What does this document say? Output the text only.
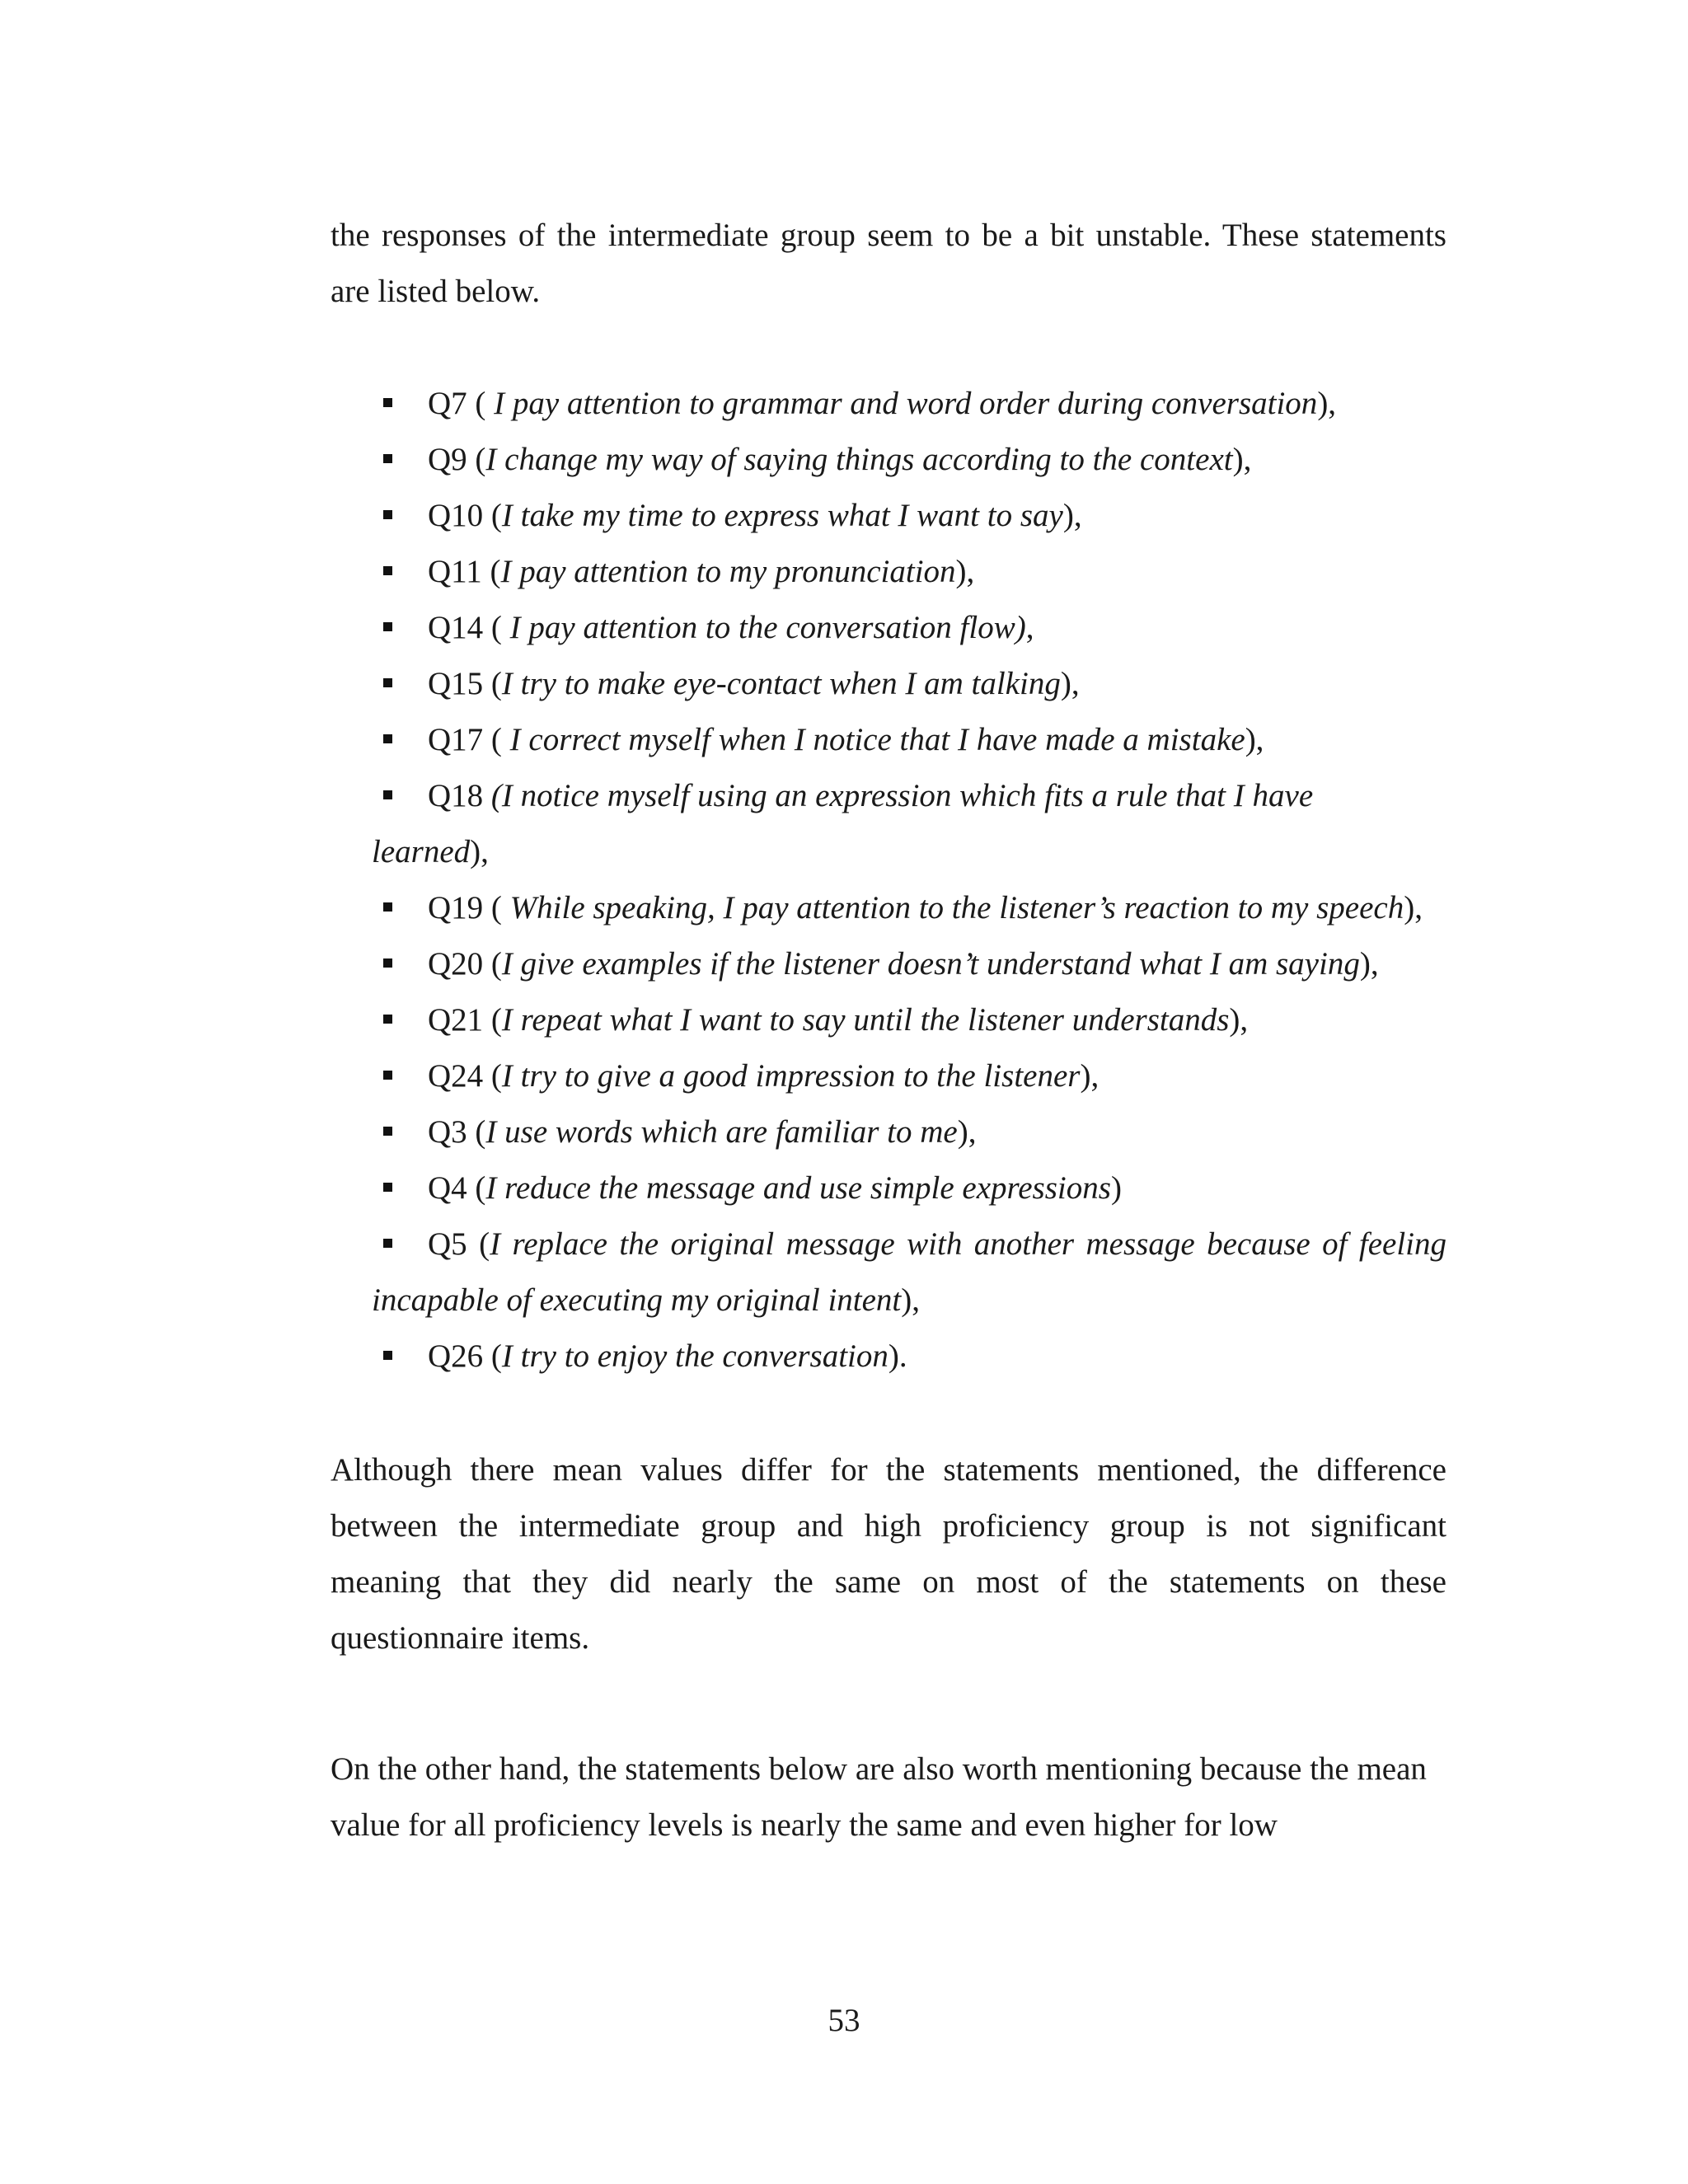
the responses of the intermediate group seem to be a bit unstable. These statements
are listed below.

Q7 ( I pay attention to grammar and word order during conversation),
Q9 (I change my way of saying things according to the context),
Q10 (I take my time to express what I want to say),
Q11 (I pay attention to my pronunciation),
Q14 ( I pay attention to the conversation flow),
Q15 (I try to make eye-contact when I am talking),
Q17 ( I correct myself when I notice that I have made a mistake),
Q18 (I notice myself using an expression which fits a rule that I have
learned),
Q19 ( While speaking, I pay attention to the listener’s reaction to my speech),
Q20 (I give examples if the listener doesn’t understand what I am saying),
Q21 (I repeat what I want to say until the listener understands),
Q24 (I try to give a good impression to the listener),
Q3 (I use words which are familiar to me),
Q4 (I reduce the message and use simple expressions)
Q5 (I replace the original message with another message because of feeling
incapable of executing my original intent),
Q26 (I try to enjoy the conversation).

Although there mean values differ for the statements mentioned, the difference
between the intermediate group and high proficiency group is not significant
meaning that they did nearly the same on most of the statements on these
questionnaire items.

On the other hand, the statements below are also worth mentioning because the mean
value for all proficiency levels is nearly the same and even higher for low

53
